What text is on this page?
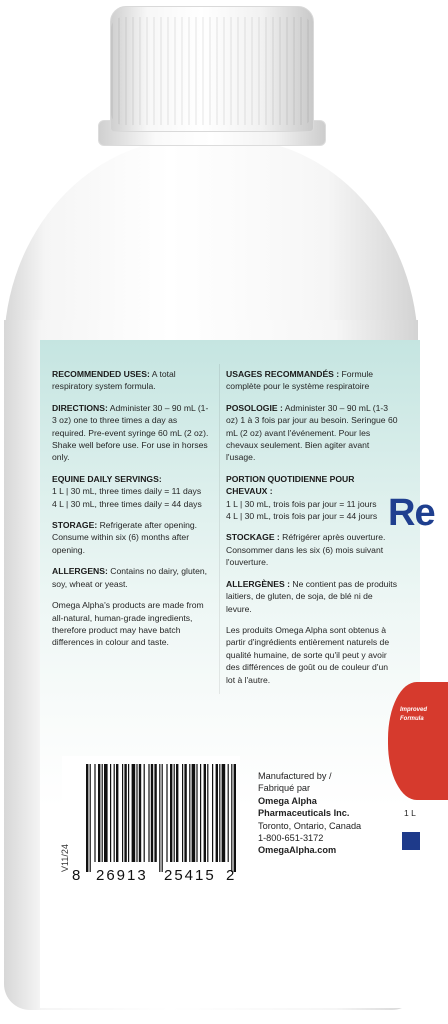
RECOMMENDED USES: A total respiratory system formula.

DIRECTIONS: Administer 30 – 90 mL (1-3 oz) one to three times a day as required. Pre-event syringe 60 mL (2 oz). Shake well before use. For use in horses only.

EQUINE DAILY SERVINGS:
1 L | 30 mL, three times daily = 11 days
4 L | 30 mL, three times daily = 44 days

STORAGE: Refrigerate after opening. Consume within six (6) months after opening.

ALLERGENS: Contains no dairy, gluten, soy, wheat or yeast.

Omega Alpha's products are made from all-natural, human-grade ingredients, therefore product may have batch differences in colour and taste.

USAGES RECOMMANDÉS : Formule complète pour le système respiratoire

POSOLOGIE : Administer 30 – 90 mL (1-3 oz) 1 à 3 fois par jour au besoin. Seringue 60 mL (2 oz) avant l'événement. Pour les chevaux seulement. Bien agiter avant l'usage.

PORTION QUOTIDIENNE POUR CHEVAUX :
1 L | 30 mL, trois fois par jour = 11 jours
4 L | 30 mL, trois fois par jour = 44 jours

STOCKAGE : Réfrigérer après ouverture. Consommer dans les six (6) mois suivant l'ouverture.

ALLERGÈNES : Ne contient pas de produits laitiers, de gluten, de soja, de blé ni de levure.

Les produits Omega Alpha sont obtenus à partir d'ingrédients entièrement naturels de qualité humaine, de sorte qu'il peut y avoir des différences de goût ou de couleur d'un lot à l'autre.

Re
Improved Formula
1 L
8 26913 25415 2
V11/24
Manufactured by /
Fabriqué par
Omega Alpha
Pharmaceuticals Inc.
Toronto, Ontario, Canada
1-800-651-3172
OmegaAlpha.com
